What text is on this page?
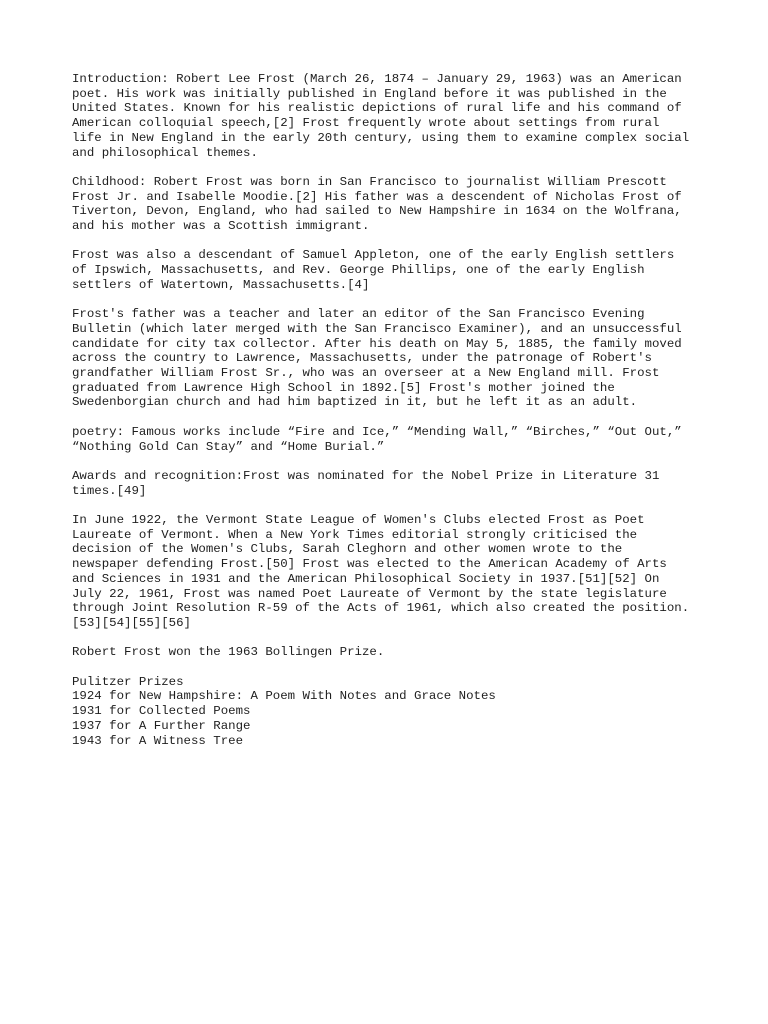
Introduction: Robert Lee Frost (March 26, 1874 – January 29, 1963) was an American
poet. His work was initially published in England before it was published in the
United States. Known for his realistic depictions of rural life and his command of
American colloquial speech,[2] Frost frequently wrote about settings from rural
life in New England in the early 20th century, using them to examine complex social
and philosophical themes.

Childhood: Robert Frost was born in San Francisco to journalist William Prescott
Frost Jr. and Isabelle Moodie.[2] His father was a descendent of Nicholas Frost of
Tiverton, Devon, England, who had sailed to New Hampshire in 1634 on the Wolfrana,
and his mother was a Scottish immigrant.

Frost was also a descendant of Samuel Appleton, one of the early English settlers
of Ipswich, Massachusetts, and Rev. George Phillips, one of the early English
settlers of Watertown, Massachusetts.[4]

Frost's father was a teacher and later an editor of the San Francisco Evening
Bulletin (which later merged with the San Francisco Examiner), and an unsuccessful
candidate for city tax collector. After his death on May 5, 1885, the family moved
across the country to Lawrence, Massachusetts, under the patronage of Robert's
grandfather William Frost Sr., who was an overseer at a New England mill. Frost
graduated from Lawrence High School in 1892.[5] Frost's mother joined the
Swedenborgian church and had him baptized in it, but he left it as an adult.

poetry: Famous works include “Fire and Ice,” “Mending Wall,” “Birches,” “Out Out,”
“Nothing Gold Can Stay” and “Home Burial.”

Awards and recognition:Frost was nominated for the Nobel Prize in Literature 31
times.[49]

In June 1922, the Vermont State League of Women's Clubs elected Frost as Poet
Laureate of Vermont. When a New York Times editorial strongly criticised the
decision of the Women's Clubs, Sarah Cleghorn and other women wrote to the
newspaper defending Frost.[50] Frost was elected to the American Academy of Arts
and Sciences in 1931 and the American Philosophical Society in 1937.[51][52] On
July 22, 1961, Frost was named Poet Laureate of Vermont by the state legislature
through Joint Resolution R-59 of the Acts of 1961, which also created the position.
[53][54][55][56]

Robert Frost won the 1963 Bollingen Prize.

Pulitzer Prizes

1924 for New Hampshire: A Poem With Notes and Grace Notes

1931 for Collected Poems

1937 for A Further Range

1943 for A Witness Tree
